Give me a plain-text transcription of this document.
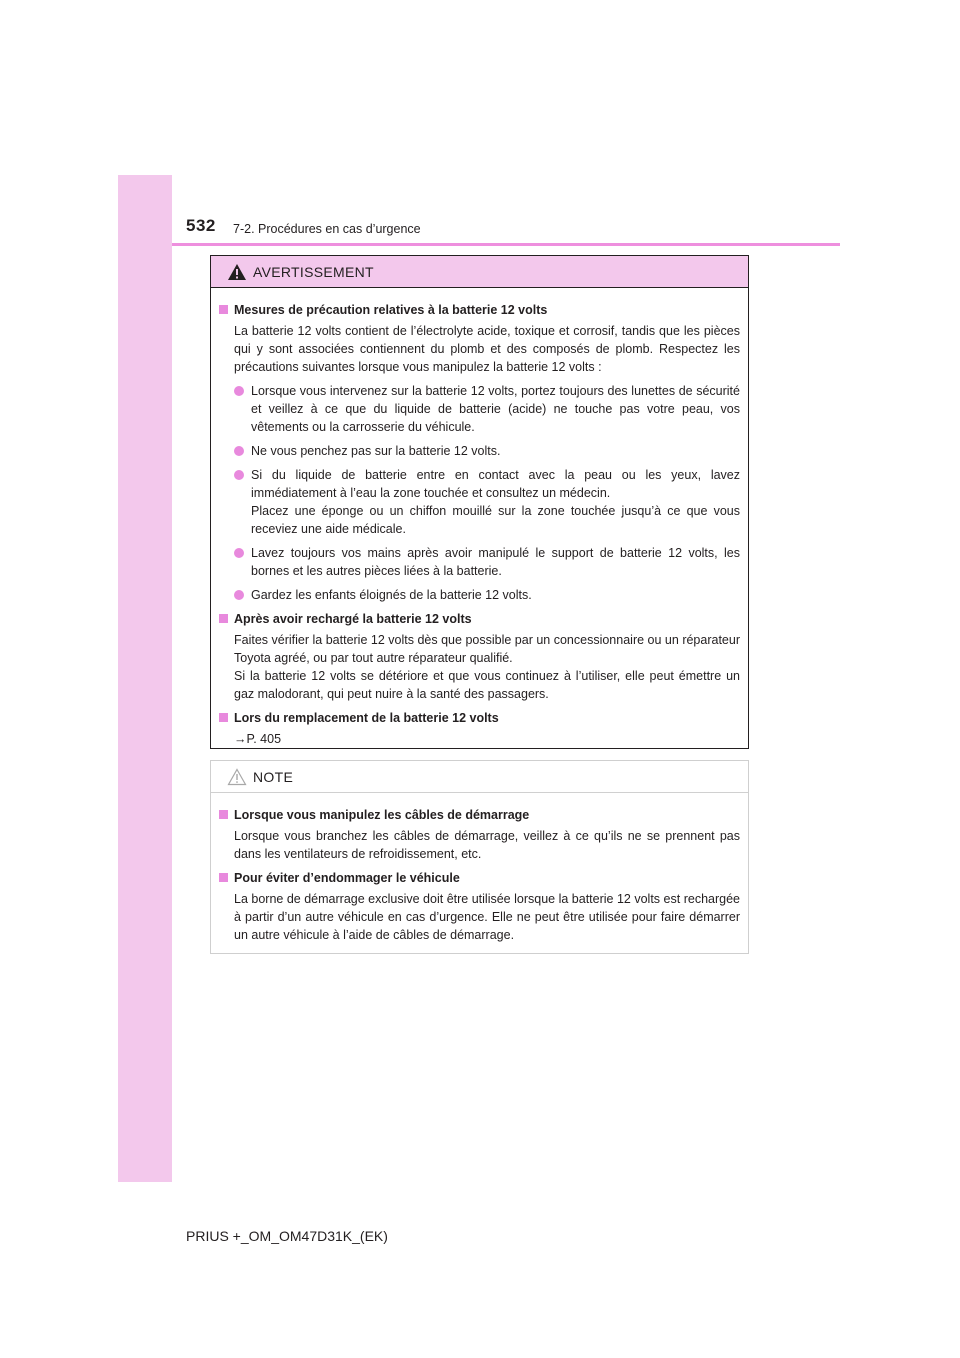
532 7-2. Procédures en cas d’urgence
AVERTISSEMENT
Mesures de précaution relatives à la batterie 12 volts
La batterie 12 volts contient de l’électrolyte acide, toxique et corrosif, tandis que les pièces qui y sont associées contiennent du plomb et des composés de plomb. Respectez les précautions suivantes lorsque vous manipulez la batterie 12 volts :
Lorsque vous intervenez sur la batterie 12 volts, portez toujours des lunettes de sécurité et veillez à ce que du liquide de batterie (acide) ne touche pas votre peau, vos vêtements ou la carrosserie du véhicule.
Ne vous penchez pas sur la batterie 12 volts.
Si du liquide de batterie entre en contact avec la peau ou les yeux, lavez immédiatement à l’eau la zone touchée et consultez un médecin.
Placez une éponge ou un chiffon mouillé sur la zone touchée jusqu’à ce que vous receviez une aide médicale.
Lavez toujours vos mains après avoir manipulé le support de batterie 12 volts, les bornes et les autres pièces liées à la batterie.
Gardez les enfants éloignés de la batterie 12 volts.
Après avoir rechargé la batterie 12 volts
Faites vérifier la batterie 12 volts dès que possible par un concessionnaire ou un réparateur Toyota agréé, ou par tout autre réparateur qualifié.
Si la batterie 12 volts se détériore et que vous continuez à l’utiliser, elle peut émettre un gaz malodorant, qui peut nuire à la santé des passagers.
Lors du remplacement de la batterie 12 volts
→P. 405
NOTE
Lorsque vous manipulez les câbles de démarrage
Lorsque vous branchez les câbles de démarrage, veillez à ce qu’ils ne se prennent pas dans les ventilateurs de refroidissement, etc.
Pour éviter d’endommager le véhicule
La borne de démarrage exclusive doit être utilisée lorsque la batterie 12 volts est rechargée à partir d’un autre véhicule en cas d’urgence. Elle ne peut être utilisée pour faire démarrer un autre véhicule à l’aide de câbles de démarrage.
PRIUS +_OM_OM47D31K_(EK)
